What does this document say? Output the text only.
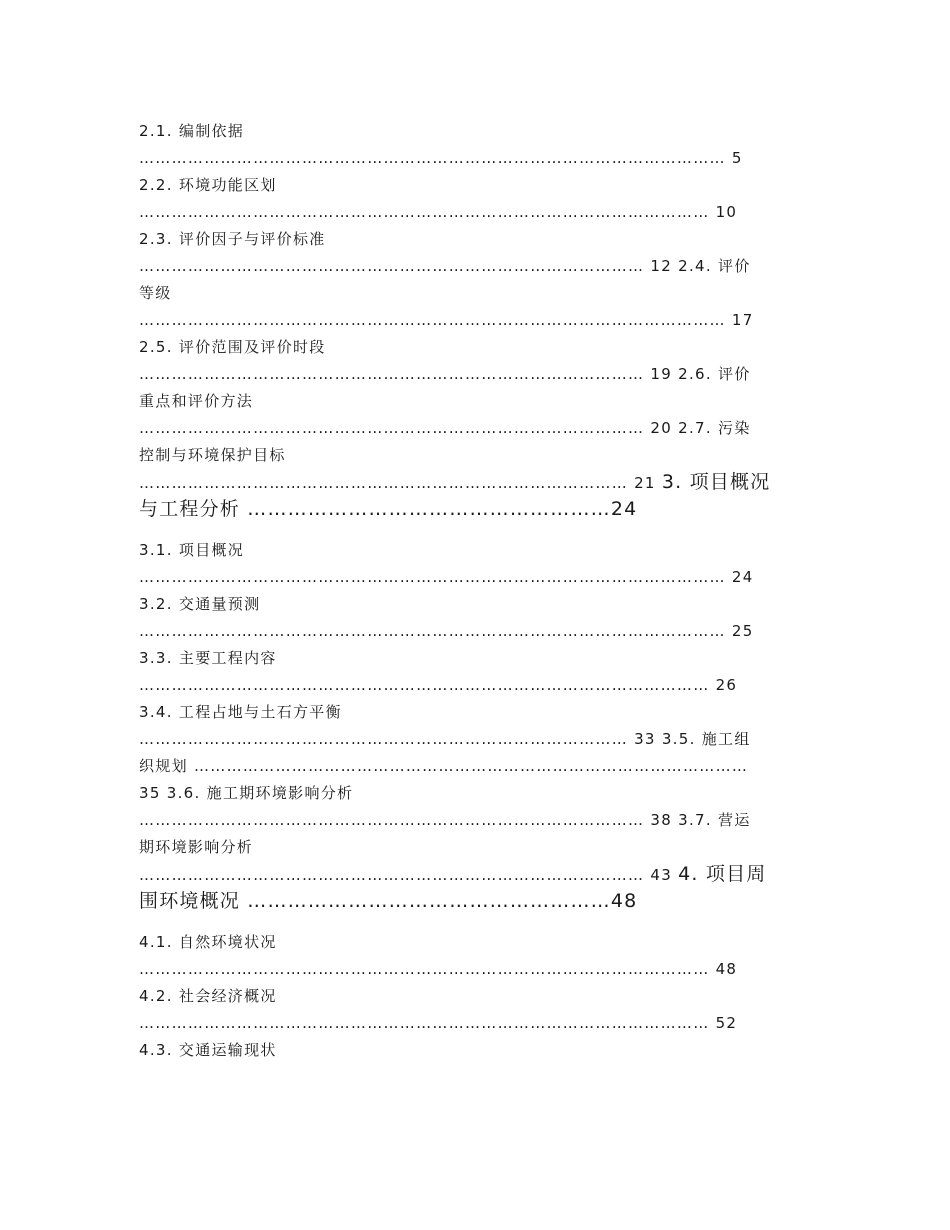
2.1. 编制依据
……………………………………………………………………………………………… 5
2.2. 环境功能区划
…………………………………………………………………………………………… 10
2.3. 评价因子与评价标准
………………………………………………………………………………… 12 2.4. 评价
等级
……………………………………………………………………………………………… 17
2.5. 评价范围及评价时段
………………………………………………………………………………… 19 2.6. 评价
重点和评价方法
………………………………………………………………………………… 20 2.7. 污染
控制与环境保护目标
……………………………………………………………………………… 21 3. 项目概况
与工程分析 ………………………………………………24
3.1. 项目概况
……………………………………………………………………………………………… 24
3.2. 交通量预测
……………………………………………………………………………………………… 25
3.3. 主要工程内容
…………………………………………………………………………………………… 26
3.4. 工程占地与土石方平衡
……………………………………………………………………………… 33 3.5. 施工组
织规划 …………………………………………………………………………………………
35 3.6. 施工期环境影响分析
………………………………………………………………………………… 38 3.7. 营运
期环境影响分析
………………………………………………………………………………… 43 4. 项目周
围环境概况 ………………………………………………48
4.1. 自然环境状况
…………………………………………………………………………………………… 48
4.2. 社会经济概况
…………………………………………………………………………………………… 52
4.3. 交通运输现状
